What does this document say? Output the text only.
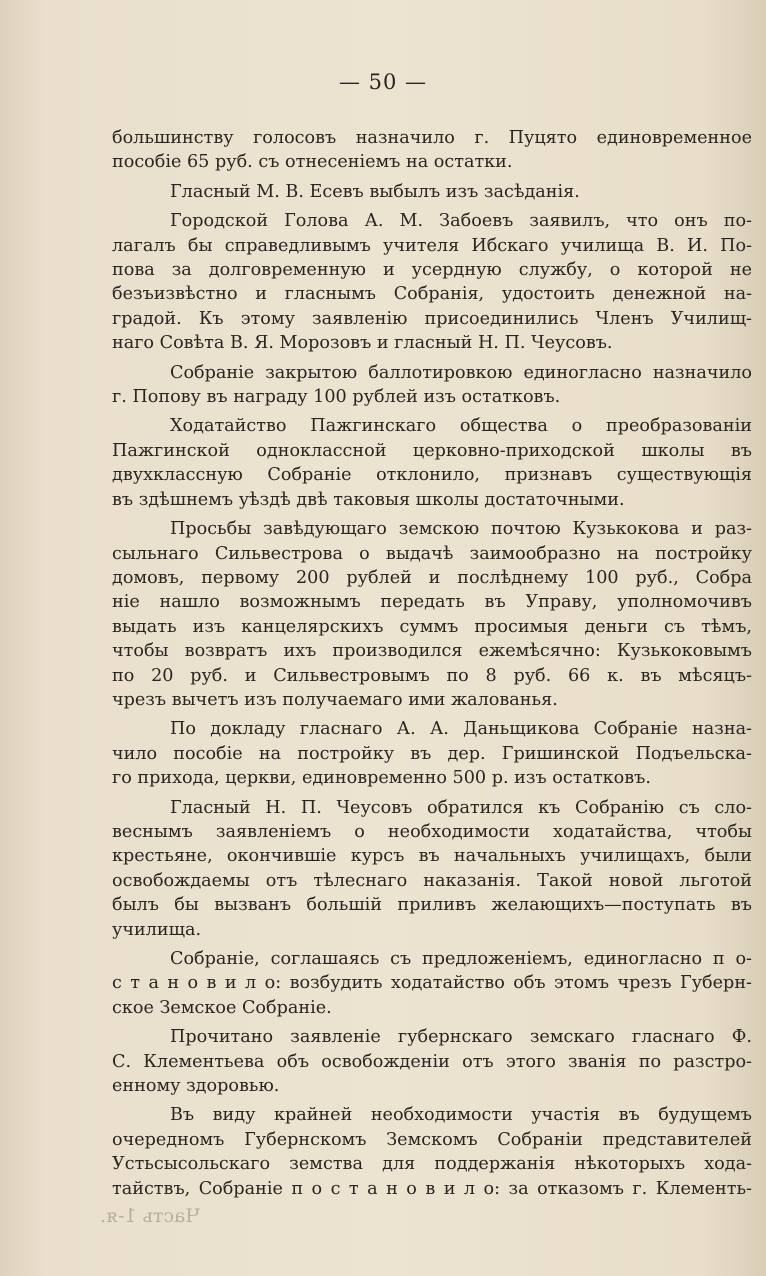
— 50 —
большинству голосовъ назначило г. Пуцято единовременное
пособіе 65 руб. съ отнесеніемъ на остатки.
Гласный М. В. Есевъ выбылъ изъ засѣданія.
Городской Голова А. М. Забоевъ заявилъ, что онъ по-
лагалъ бы справедливымъ учителя Ибскаго училища В. И. По-
пова за долговременную и усердную службу, о которой не
безъизвѣстно и гласнымъ Собранія, удостоить денежной на-
градой. Къ этому заявленію присоединились Членъ Училищ-
наго Совѣта В. Я. Морозовъ и гласный Н. П. Чеусовъ.
Собраніе закрытою баллотировкою единогласно назначило
г. Попову въ награду 100 рублей изъ остатковъ.
Ходатайство Пажгинскаго общества о преобразованіи
Пажгинской одноклассной церковно-приходской школы въ
двухклассную Собраніе отклонило, признавъ существующія
въ здѣшнемъ уѣздѣ двѣ таковыя школы достаточными.
Просьбы завѣдующаго земскою почтою Кузькокова и раз-
сыльнаго Сильвестрова о выдачѣ заимообразно на постройку
домовъ, первому 200 рублей и послѣднему 100 руб., Собра
ніе нашло возможнымъ передать въ Управу, уполномочивъ
выдать изъ канцелярскихъ суммъ просимыя деньги съ тѣмъ,
чтобы возвратъ ихъ производился ежемѣсячно: Кузькоковымъ
по 20 руб. и Сильвестровымъ по 8 руб. 66 к. въ мѣсяцъ-
чрезъ вычетъ изъ получаемаго ими жалованья.
По докладу гласнаго А. А. Даньщикова Собраніе назна-
чило пособіе на постройку въ дер. Гришинской Подъельска-
го прихода, церкви, единовременно 500 р. изъ остатковъ.
Гласный Н. П. Чеусовъ обратился къ Собранію съ сло-
веснымъ заявленіемъ о необходимости ходатайства, чтобы
крестьяне, окончившіе курсъ въ начальныхъ училищахъ, были
освобождаемы отъ тѣлеснаго наказанія. Такой новой льготой
былъ бы вызванъ большій приливъ желающихъ—поступать въ
училища.
Собраніе, соглашаясь съ предложеніемъ, единогласно п о-
с т а н о в и л о: возбудить ходатайство объ этомъ чрезъ Губерн-
ское Земское Собраніе.
Прочитано заявленіе губернскаго земскаго гласнаго Ф.
С. Клементьева объ освобожденіи отъ этого званія по разстро-
енному здоровью.
Въ виду крайней необходимости участія въ будущемъ
очередномъ Губернскомъ Земскомъ Собраніи представителей
Устьсысольскаго земства для поддержанія нѣкоторыхъ хода-
тайствъ, Собраніе п о с т а н о в и л о: за отказомъ г. Клементь-
Часть 1-я.
